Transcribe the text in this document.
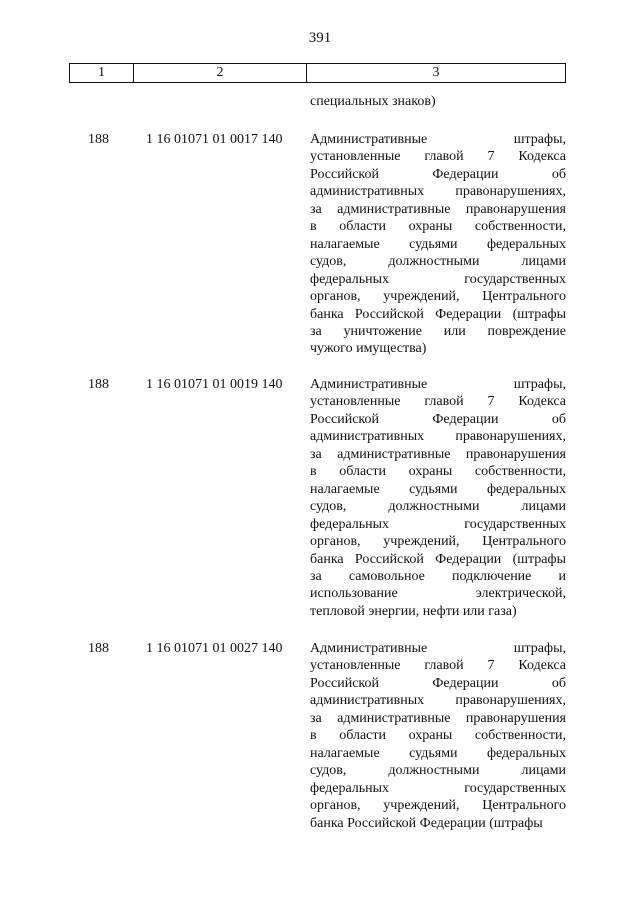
391
1	2	3
специальных знаков)
188	1 16 01071 01 0017 140 Административные штрафы,
установленные главой 7 Кодекса
Российской Федерации об
административных правонарушениях,
за административные правонарушения
в области охраны собственности,
налагаемые судьями федеральных
судов, должностными лицами
федеральных государственных
органов, учреждений, Центрального
банка Российской Федерации (штрафы
за уничтожение или повреждение
чужого имущества)
188	1 16 01071 01 0019 140 Административные штрафы,
установленные главой 7 Кодекса
Российской Федерации об
административных правонарушениях,
за административные правонарушения
в области охраны собственности,
налагаемые судьями федеральных
судов, должностными лицами
федеральных государственных
органов, учреждений, Центрального
банка Российской Федерации (штрафы
за самовольное подключение и
использование электрической,
тепловой энергии, нефти или газа)
188	1 16 01071 01 0027 140 Административные штрафы,
установленные главой 7 Кодекса
Российской Федерации об
административных правонарушениях,
за административные правонарушения
в области охраны собственности,
налагаемые судьями федеральных
судов, должностными лицами
федеральных государственных
органов, учреждений, Центрального
банка Российской Федерации (штрафы
